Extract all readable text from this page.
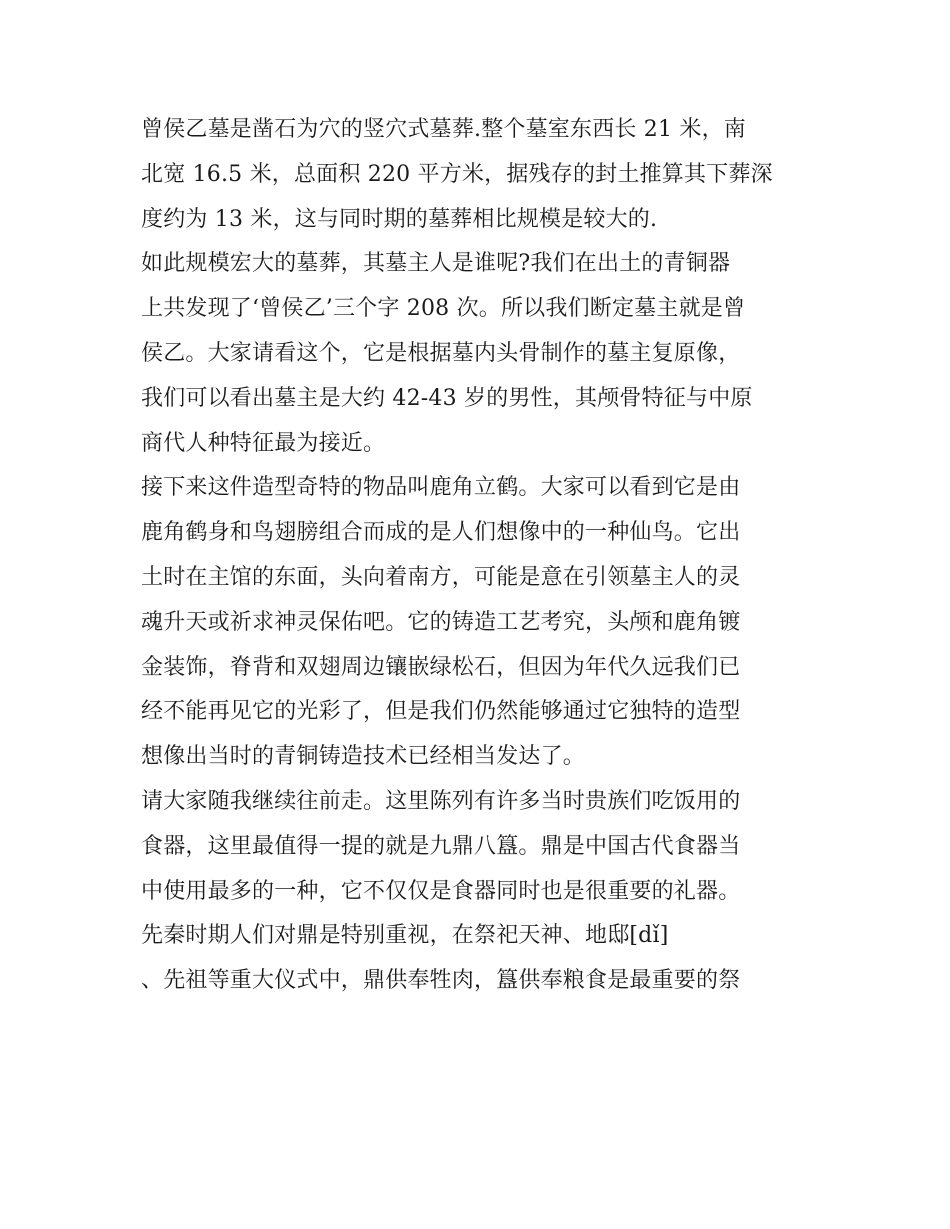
曾侯乙墓是凿石为穴的竖穴式墓葬.整个墓室东西长 21 米，南
北宽 16.5 米，总面积 220 平方米，据残存的封土推算其下葬深
度约为 13 米，这与同时期的墓葬相比规模是较大的.
如此规模宏大的墓葬，其墓主人是谁呢?我们在出土的青铜器
上共发现了‘曾侯乙’三个字 208 次。所以我们断定墓主就是曾
侯乙。大家请看这个，它是根据墓内头骨制作的墓主复原像，
我们可以看出墓主是大约 42-43 岁的男性，其颅骨特征与中原
商代人种特征最为接近。
接下来这件造型奇特的物品叫鹿角立鹤。大家可以看到它是由
鹿角鹤身和鸟翅膀组合而成的是人们想像中的一种仙鸟。它出
土时在主馆的东面，头向着南方，可能是意在引领墓主人的灵
魂升天或祈求神灵保佑吧。它的铸造工艺考究，头颅和鹿角镀
金装饰，脊背和双翅周边镶嵌绿松石，但因为年代久远我们已
经不能再见它的光彩了，但是我们仍然能够通过它独特的造型
想像出当时的青铜铸造技术已经相当发达了。
请大家随我继续往前走。这里陈列有许多当时贵族们吃饭用的
食器，这里最值得一提的就是九鼎八簋。鼎是中国古代食器当
中使用最多的一种，它不仅仅是食器同时也是很重要的礼器。
先秦时期人们对鼎是特别重视，在祭祀天神、地邸[dǐ]
、先祖等重大仪式中，鼎供奉牲肉，簋供奉粮食是最重要的祭
